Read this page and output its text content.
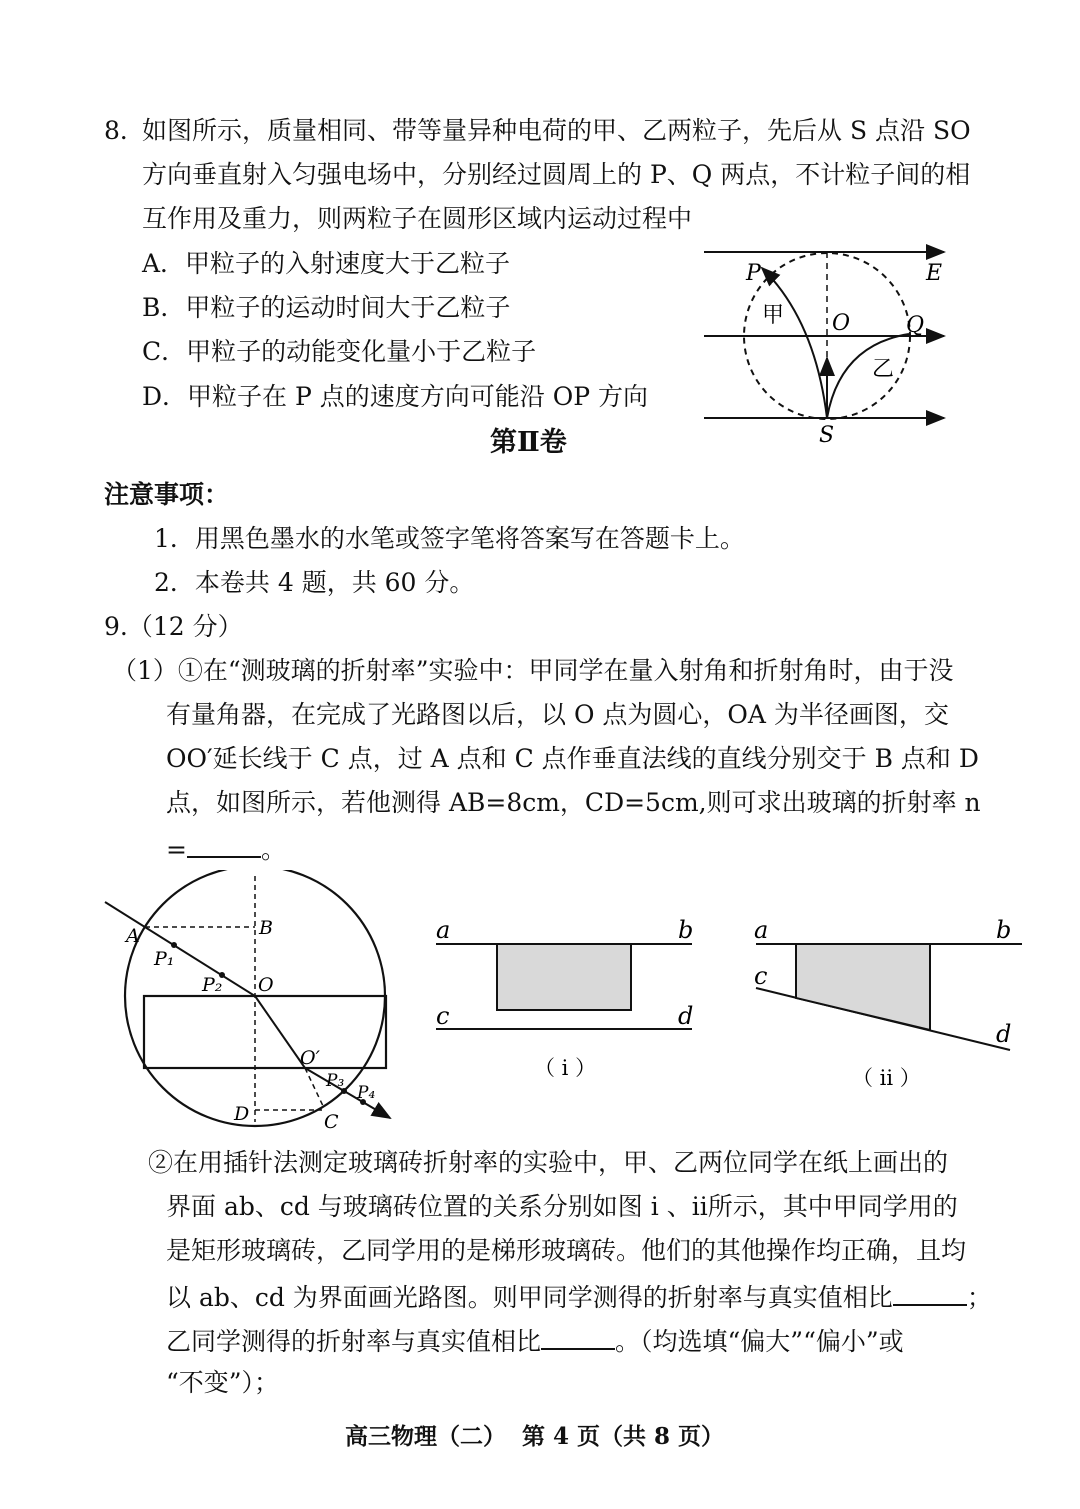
8．
如图所示，质量相同、带等量异种电荷的甲、乙两粒子，先后从 S 点沿 SO
方向垂直射入匀强电场中，分别经过圆周上的 P、Q 两点，不计粒子间的相
互作用及重力，则两粒子在圆形区域内运动过程中
A．甲粒子的入射速度大于乙粒子
B．甲粒子的运动时间大于乙粒子
C．甲粒子的动能变化量小于乙粒子
D．甲粒子在 P 点的速度方向可能沿 OP 方向
P	E
甲 O	Q
乙
S
第Ⅱ卷
注意事项：
1．用黑色墨水的水笔或签字笔将答案写在答题卡上。
2．本卷共 4 题，共 60 分。
9.（12 分）
（1）①在“测玻璃的折射率”实验中：甲同学在量入射角和折射角时，由于没
有量角器，在完成了光路图以后，以 O 点为圆心，OA 为半径画图，交
OO′延长线于 C 点，过 A 点和 C 点作垂直法线的直线分别交于 B 点和 D
点，如图所示，若他测得 AB=8cm，CD=5cm,则可求出玻璃的折射率 n
=	。
A	B
P₁
P₂ O
O′
P₃
P₄
D	C
a	b
c	d
（ i ）
a	b
c
d
（ ii ）
②在用插针法测定玻璃砖折射率的实验中，甲、乙两位同学在纸上画出的
界面 ab、cd 与玻璃砖位置的关系分别如图 i 、ii所示，其中甲同学用的
是矩形玻璃砖，乙同学用的是梯形玻璃砖。他们的其他操作均正确，且均
以 ab、cd 为界面画光路图。则甲同学测得的折射率与真实值相比	；
乙同学测得的折射率与真实值相比	。（均选填“偏大”“偏小”或
“不变”）；
高三物理（二）  第 4 页（共 8 页）
